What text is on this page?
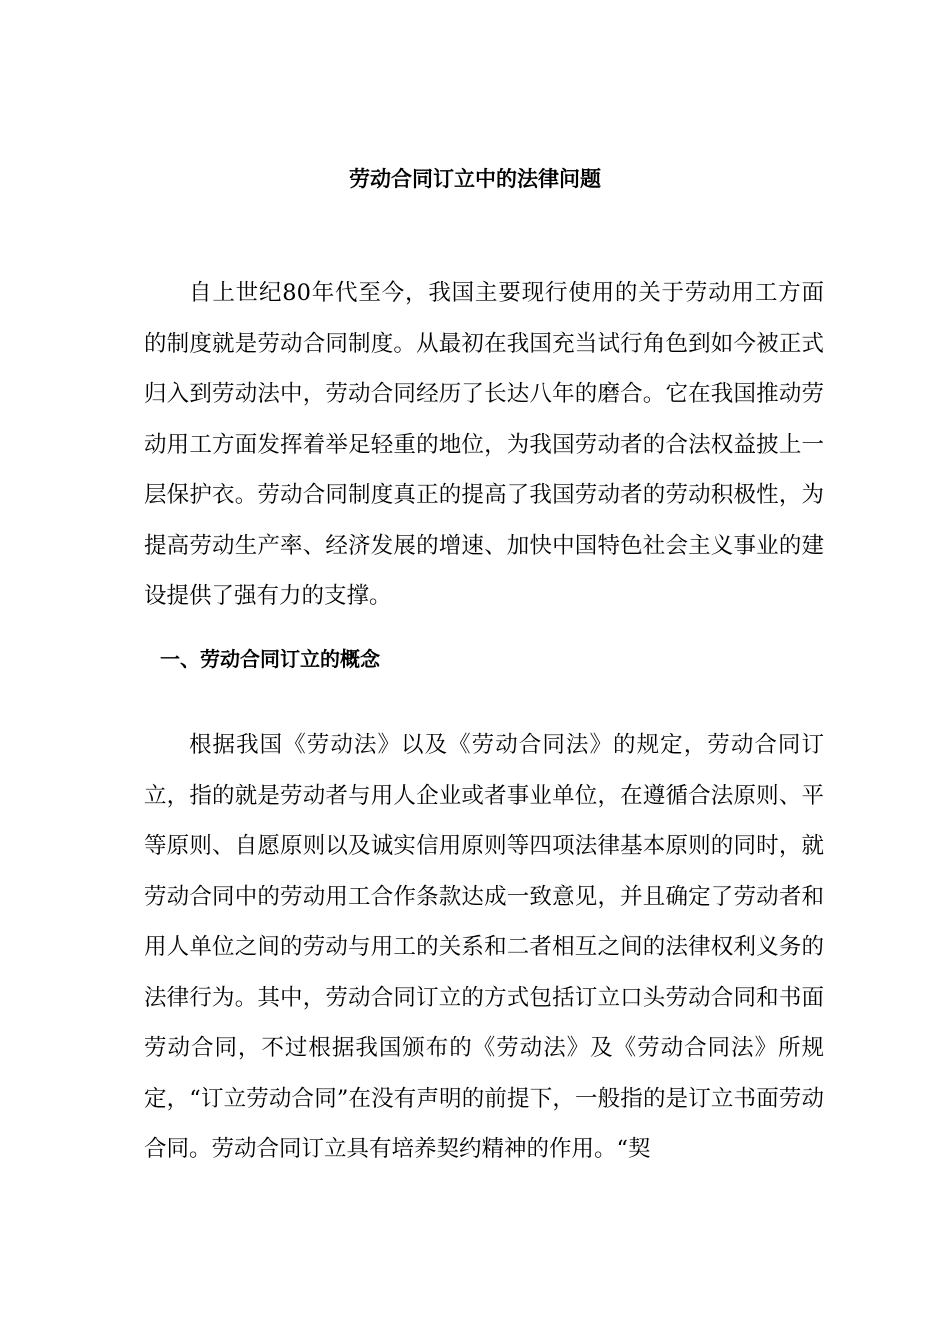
劳动合同订立中的法律问题

自上世纪80年代至今，我国主要现行使用的关于劳动用工方面的制度就是劳动合同制度。从最初在我国充当试行角色到如今被正式归入到劳动法中，劳动合同经历了长达八年的磨合。它在我国推动劳动用工方面发挥着举足轻重的地位，为我国劳动者的合法权益披上一层保护衣。劳动合同制度真正的提高了我国劳动者的劳动积极性，为提高劳动生产率、经济发展的增速、加快中国特色社会主义事业的建设提供了强有力的支撑。

一、劳动合同订立的概念

根据我国《劳动法》以及《劳动合同法》的规定，劳动合同订立，指的就是劳动者与用人企业或者事业单位，在遵循合法原则、平等原则、自愿原则以及诚实信用原则等四项法律基本原则的同时，就劳动合同中的劳动用工合作条款达成一致意见，并且确定了劳动者和用人单位之间的劳动与用工的关系和二者相互之间的法律权利义务的法律行为。其中，劳动合同订立的方式包括订立口头劳动合同和书面劳动合同，不过根据我国颁布的《劳动法》及《劳动合同法》所规定，“订立劳动合同”在没有声明的前提下，一般指的是订立书面劳动合同。劳动合同订立具有培养契约精神的作用。“契
